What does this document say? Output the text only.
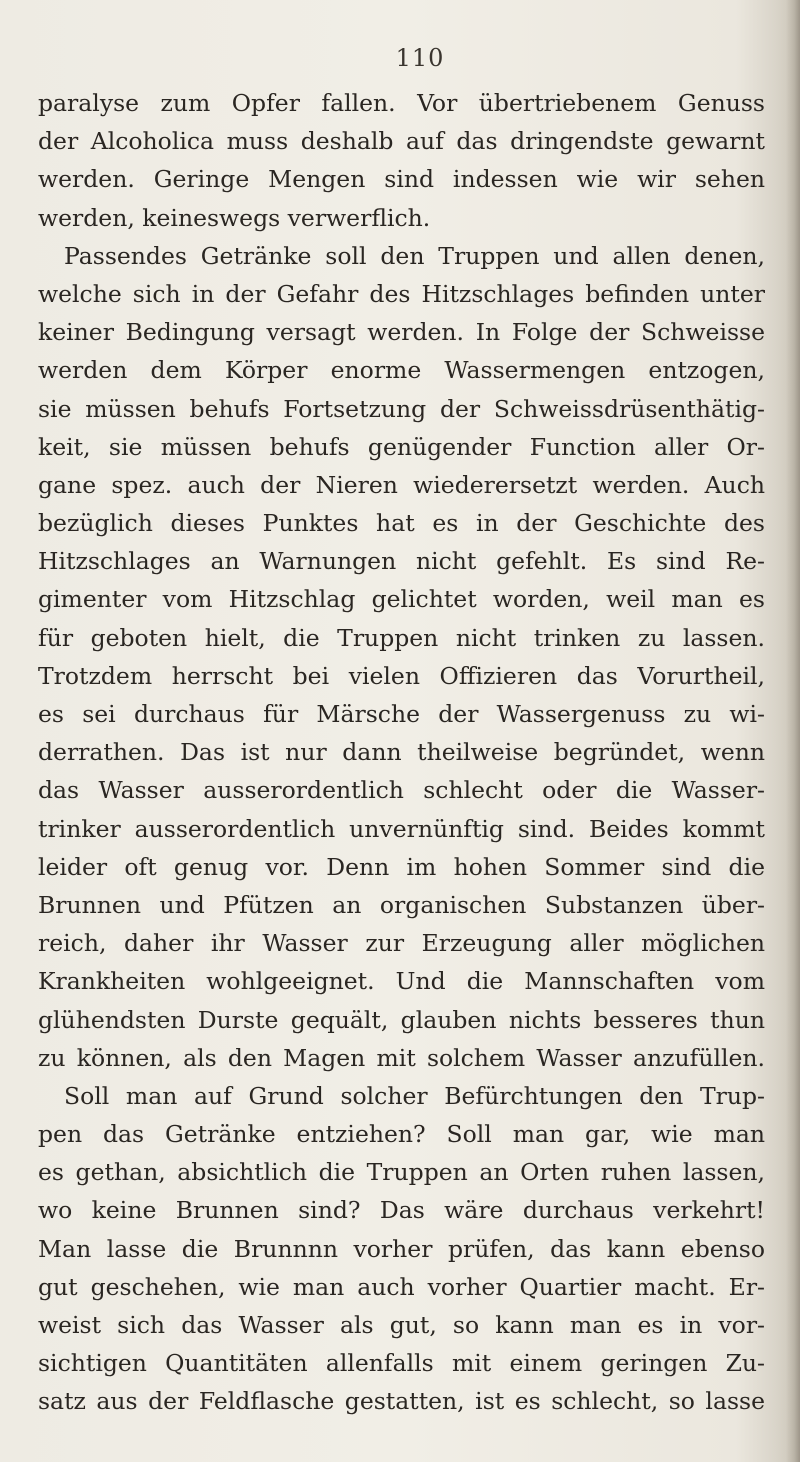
110
paralyse zum Opfer fallen. Vor übertriebenem Genuss
der Alcoholica muss deshalb auf das dringendste gewarnt
werden. Geringe Mengen sind indessen wie wir sehen
werden, keineswegs verwerflich.
Passendes Getränke soll den Truppen und allen denen,
welche sich in der Gefahr des Hitzschlages befinden unter
keiner Bedingung versagt werden. In Folge der Schweisse
werden dem Körper enorme Wassermengen entzogen,
sie müssen behufs Fortsetzung der Schweissdrüsenthätig-
keit, sie müssen behufs genügender Function aller Or-
gane spez. auch der Nieren wiederersetzt werden. Auch
bezüglich dieses Punktes hat es in der Geschichte des
Hitzschlages an Warnungen nicht gefehlt. Es sind Re-
gimenter vom Hitzschlag gelichtet worden, weil man es
für geboten hielt, die Truppen nicht trinken zu lassen.
Trotzdem herrscht bei vielen Offizieren das Vorurtheil,
es sei durchaus für Märsche der Wassergenuss zu wi-
derrathen. Das ist nur dann theilweise begründet, wenn
das Wasser ausserordentlich schlecht oder die Wasser-
trinker ausserordentlich unvernünftig sind. Beides kommt
leider oft genug vor. Denn im hohen Sommer sind die
Brunnen und Pfützen an organischen Substanzen über-
reich, daher ihr Wasser zur Erzeugung aller möglichen
Krankheiten wohlgeeignet. Und die Mannschaften vom
glühendsten Durste gequält, glauben nichts besseres thun
zu können, als den Magen mit solchem Wasser anzufüllen.
Soll man auf Grund solcher Befürchtungen den Trup-
pen das Getränke entziehen? Soll man gar, wie man
es gethan, absichtlich die Truppen an Orten ruhen lassen,
wo keine Brunnen sind? Das wäre durchaus verkehrt!
Man lasse die Brunnnn vorher prüfen, das kann ebenso
gut geschehen, wie man auch vorher Quartier macht. Er-
weist sich das Wasser als gut, so kann man es in vor-
sichtigen Quantitäten allenfalls mit einem geringen Zu-
satz aus der Feldflasche gestatten, ist es schlecht, so lasse
